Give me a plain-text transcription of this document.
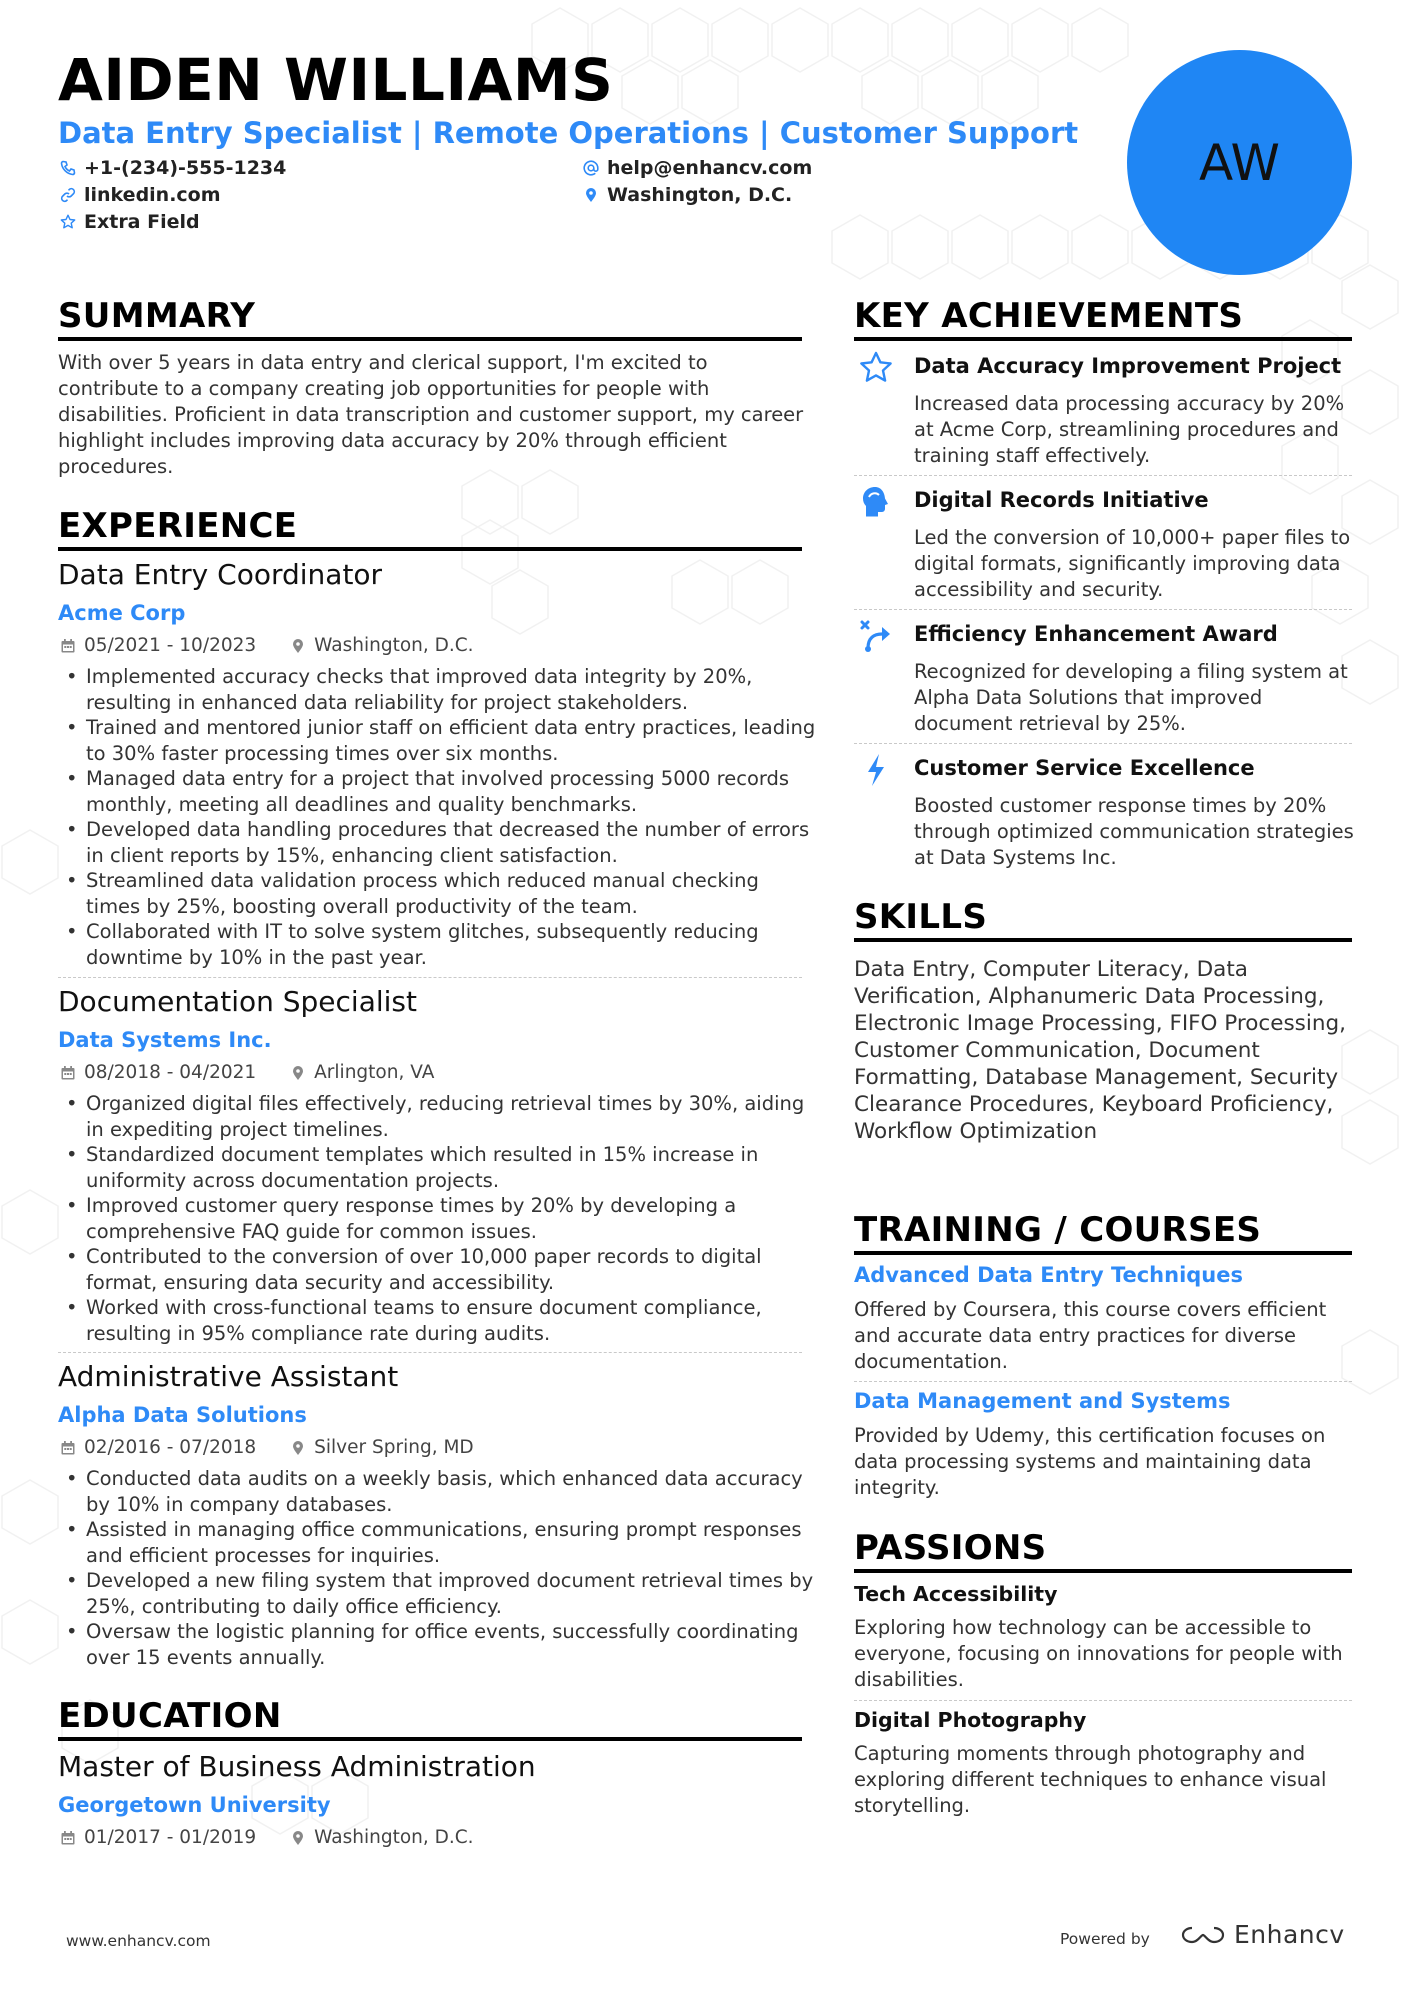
AIDEN WILLIAMS
Data Entry Specialist | Remote Operations | Customer Support
+1-(234)-555-1234	help@enhancv.com
linkedin.com	Washington, D.C.
Extra Field
AW
SUMMARY
With over 5 years in data entry and clerical support, I'm excited to contribute to a company creating job opportunities for people with disabilities. Proficient in data transcription and customer support, my career highlight includes improving data accuracy by 20% through efficient procedures.
EXPERIENCE
Data Entry Coordinator
Acme Corp
05/2021 - 10/2023	Washington, D.C.
• Implemented accuracy checks that improved data integrity by 20%, resulting in enhanced data reliability for project stakeholders.
• Trained and mentored junior staff on efficient data entry practices, leading to 30% faster processing times over six months.
• Managed data entry for a project that involved processing 5000 records monthly, meeting all deadlines and quality benchmarks.
• Developed data handling procedures that decreased the number of errors in client reports by 15%, enhancing client satisfaction.
• Streamlined data validation process which reduced manual checking times by 25%, boosting overall productivity of the team.
• Collaborated with IT to solve system glitches, subsequently reducing downtime by 10% in the past year.
Documentation Specialist
Data Systems Inc.
08/2018 - 04/2021	Arlington, VA
• Organized digital files effectively, reducing retrieval times by 30%, aiding in expediting project timelines.
• Standardized document templates which resulted in 15% increase in uniformity across documentation projects.
• Improved customer query response times by 20% by developing a comprehensive FAQ guide for common issues.
• Contributed to the conversion of over 10,000 paper records to digital format, ensuring data security and accessibility.
• Worked with cross-functional teams to ensure document compliance, resulting in 95% compliance rate during audits.
Administrative Assistant
Alpha Data Solutions
02/2016 - 07/2018	Silver Spring, MD
• Conducted data audits on a weekly basis, which enhanced data accuracy by 10% in company databases.
• Assisted in managing office communications, ensuring prompt responses and efficient processes for inquiries.
• Developed a new filing system that improved document retrieval times by 25%, contributing to daily office efficiency.
• Oversaw the logistic planning for office events, successfully coordinating over 15 events annually.
EDUCATION
Master of Business Administration
Georgetown University
01/2017 - 01/2019	Washington, D.C.
KEY ACHIEVEMENTS
Data Accuracy Improvement Project
Increased data processing accuracy by 20% at Acme Corp, streamlining procedures and training staff effectively.
Digital Records Initiative
Led the conversion of 10,000+ paper files to digital formats, significantly improving data accessibility and security.
Efficiency Enhancement Award
Recognized for developing a filing system at Alpha Data Solutions that improved document retrieval by 25%.
Customer Service Excellence
Boosted customer response times by 20% through optimized communication strategies at Data Systems Inc.
SKILLS
Data Entry, Computer Literacy, Data Verification, Alphanumeric Data Processing, Electronic Image Processing, FIFO Processing, Customer Communication, Document Formatting, Database Management, Security Clearance Procedures, Keyboard Proficiency, Workflow Optimization
TRAINING / COURSES
Advanced Data Entry Techniques
Offered by Coursera, this course covers efficient and accurate data entry practices for diverse documentation.
Data Management and Systems
Provided by Udemy, this certification focuses on data processing systems and maintaining data integrity.
PASSIONS
Tech Accessibility
Exploring how technology can be accessible to everyone, focusing on innovations for people with disabilities.
Digital Photography
Capturing moments through photography and exploring different techniques to enhance visual storytelling.
www.enhancv.com	Powered by	Enhancv
